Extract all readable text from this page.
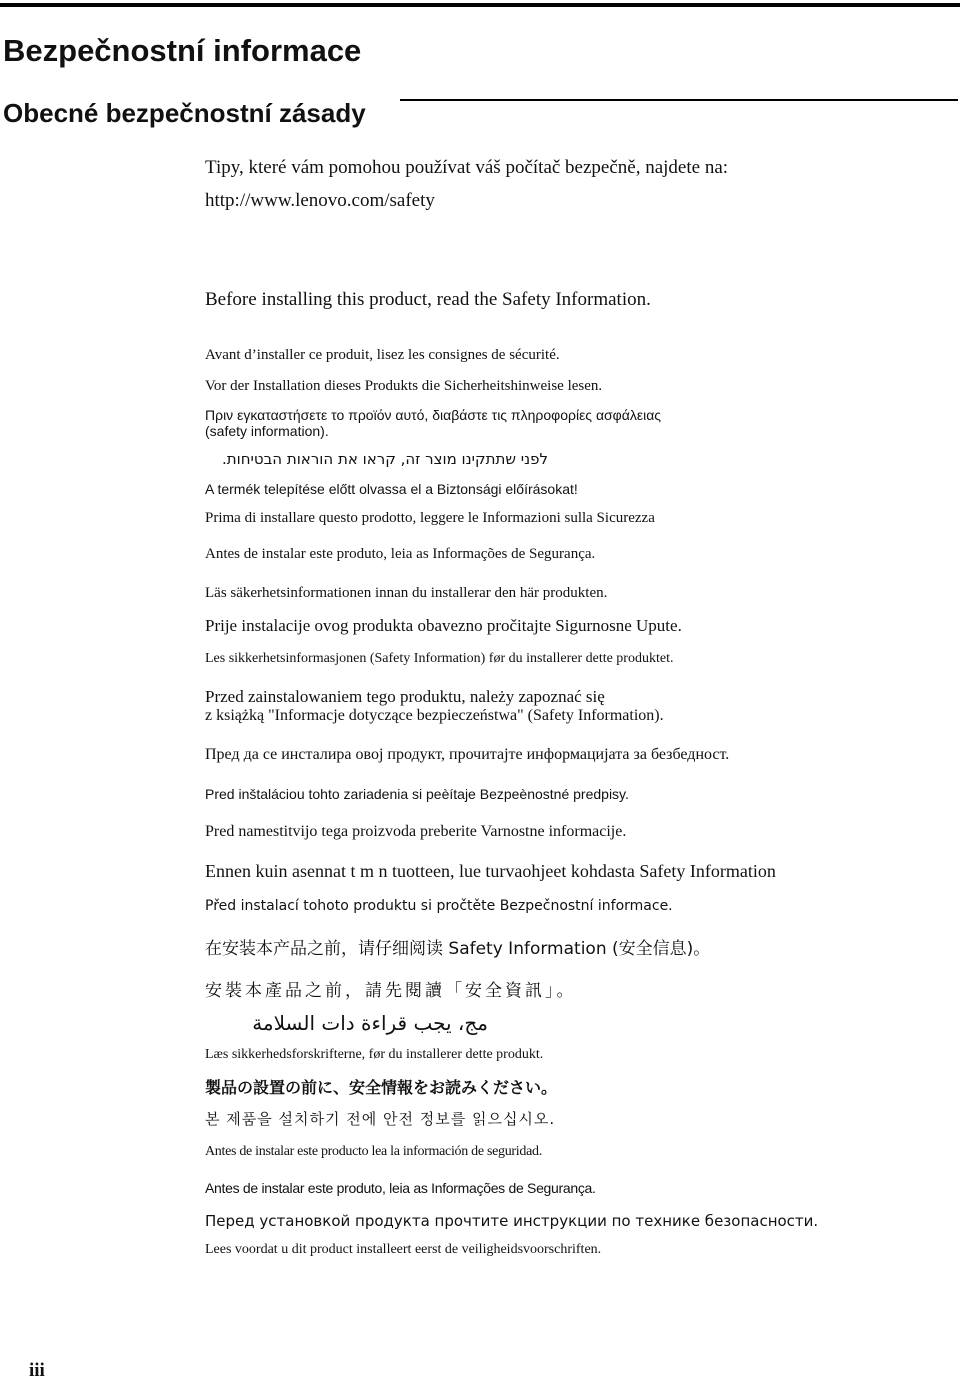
Bezpečnostní informace
Obecné bezpečnostní zásady
Tipy, které vám pomohou používat váš počítač bezpečně, najdete na:
http://www.lenovo.com/safety
Before installing this product, read the Safety Information.
Avant d’installer ce produit, lisez les consignes de sécurité.
Vor der Installation dieses Produkts die Sicherheitshinweise lesen.
Πριν εγκαταστήσετε το προϊόν αυτό, διαβάστε τις πληροφορίες ασφάλειας
(safety information).
לפני שתתקינו מוצר זה, קראו את הוראות הבטיחות.
A termék telepítése előtt olvassa el a Biztonsági előírásokat!
Prima di installare questo prodotto, leggere le Informazioni sulla Sicurezza
Antes de instalar este produto, leia as Informações de Segurança.
Läs säkerhetsinformationen innan du installerar den här produkten.
Prije instalacije ovog produkta obavezno pročitajte Sigurnosne Upute.
Les sikkerhetsinformasjonen (Safety Information) før du installerer dette produktet.
Przed zainstalowaniem tego produktu, należy zapoznać się
z książką "Informacje dotyczące bezpieczeństwa" (Safety Information).
Пред да се инсталира овој продукт, прочитајте информацијата за безбедност.
Pred inštaláciou tohto zariadenia si peèítaje Bezpeènostné predpisy.
Pred namestitvijo tega proizvoda preberite Varnostne informacije.
Ennen kuin asennat t m n tuotteen, lue turvaohjeet kohdasta Safety Information
Před instalací tohoto produktu si pročtěte Bezpečnostní informace.
在安装本产品之前，请仔细阅读 Safety Information (安全信息)。
安裝本產品之前，請先閱讀「安全資訊」。
مج، يجب قراءة دات السلامة
Læs sikkerhedsforskrifterne, før du installerer dette produkt.
製品の設置の前に、安全情報をお読みください。
본 제품을 설치하기 전에 안전 정보를 읽으십시오.
Antes de instalar este producto lea la información de seguridad.
Antes de instalar este produto, leia as Informações de Segurança.
Перед установкой продукта прочтите инструкции по технике безопасности.
Lees voordat u dit product installeert eerst de veiligheidsvoorschriften.
iii
